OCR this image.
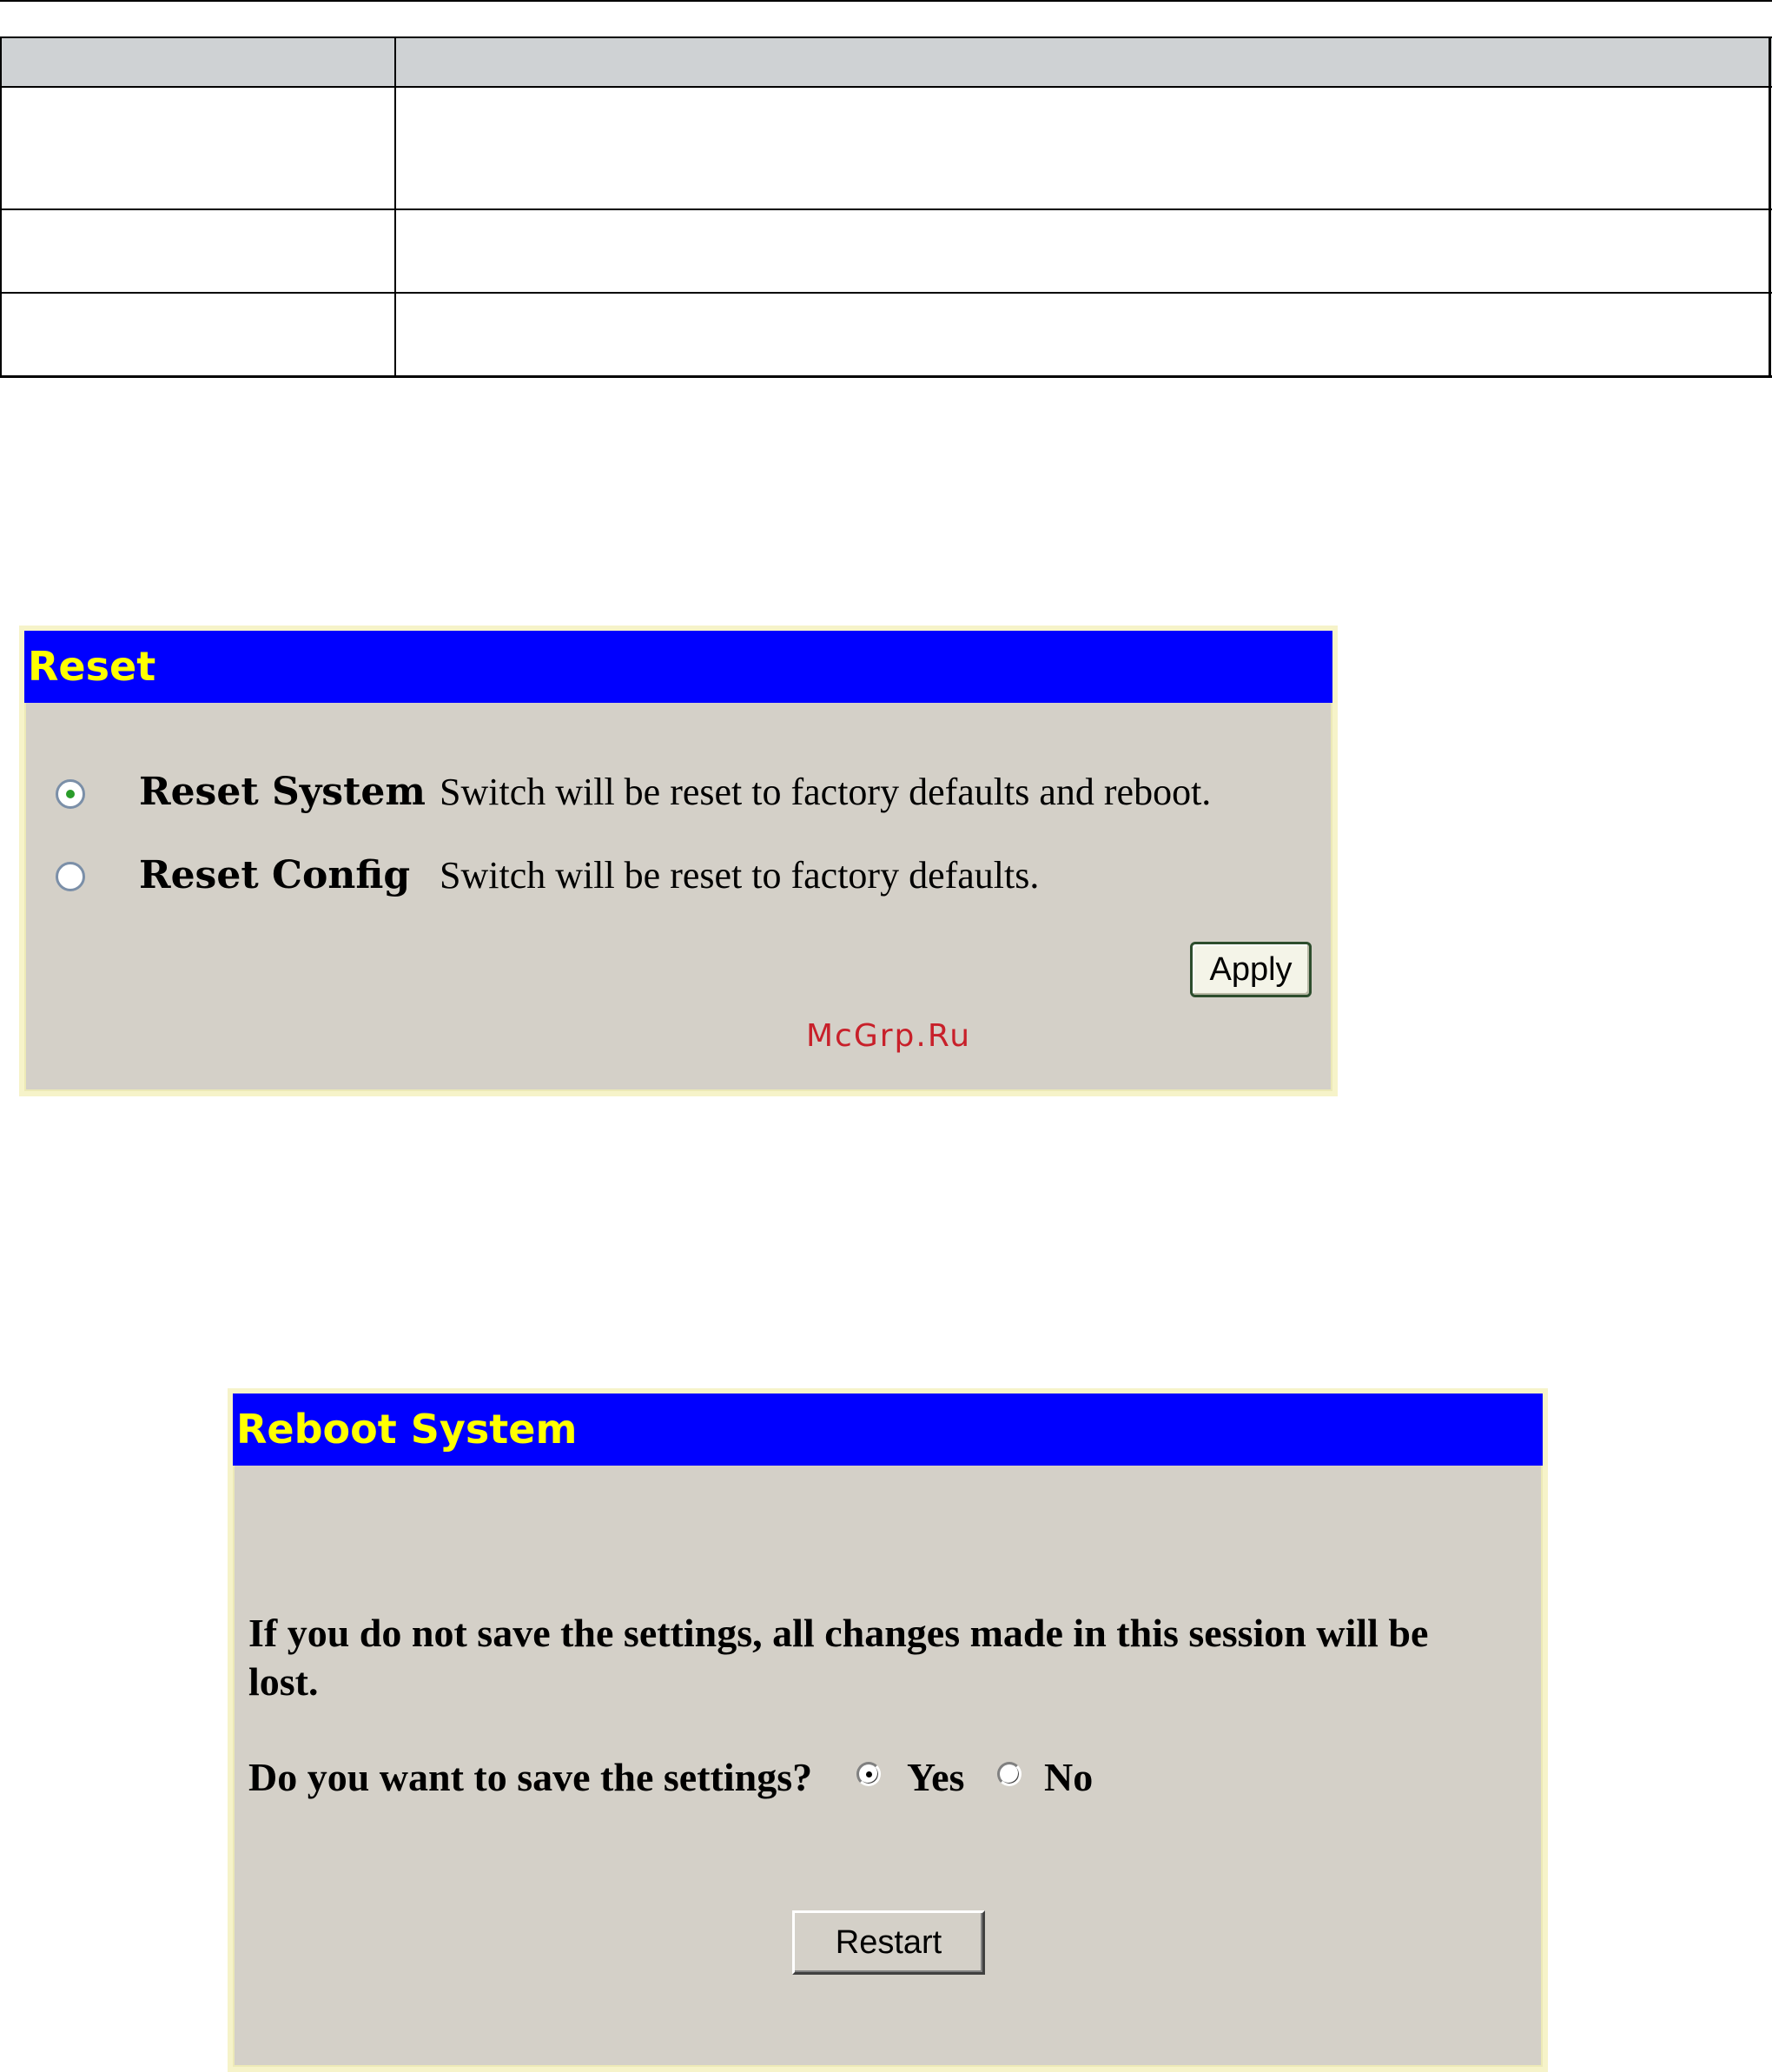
Reset
Reset System Switch will be reset to factory defaults and reboot.
Reset Config Switch will be reset to factory defaults.
Apply
McGrp.Ru
Reboot System
If you do not save the settings, all changes made in this session will be lost.
Do you want to save the settings? Yes No
Restart
